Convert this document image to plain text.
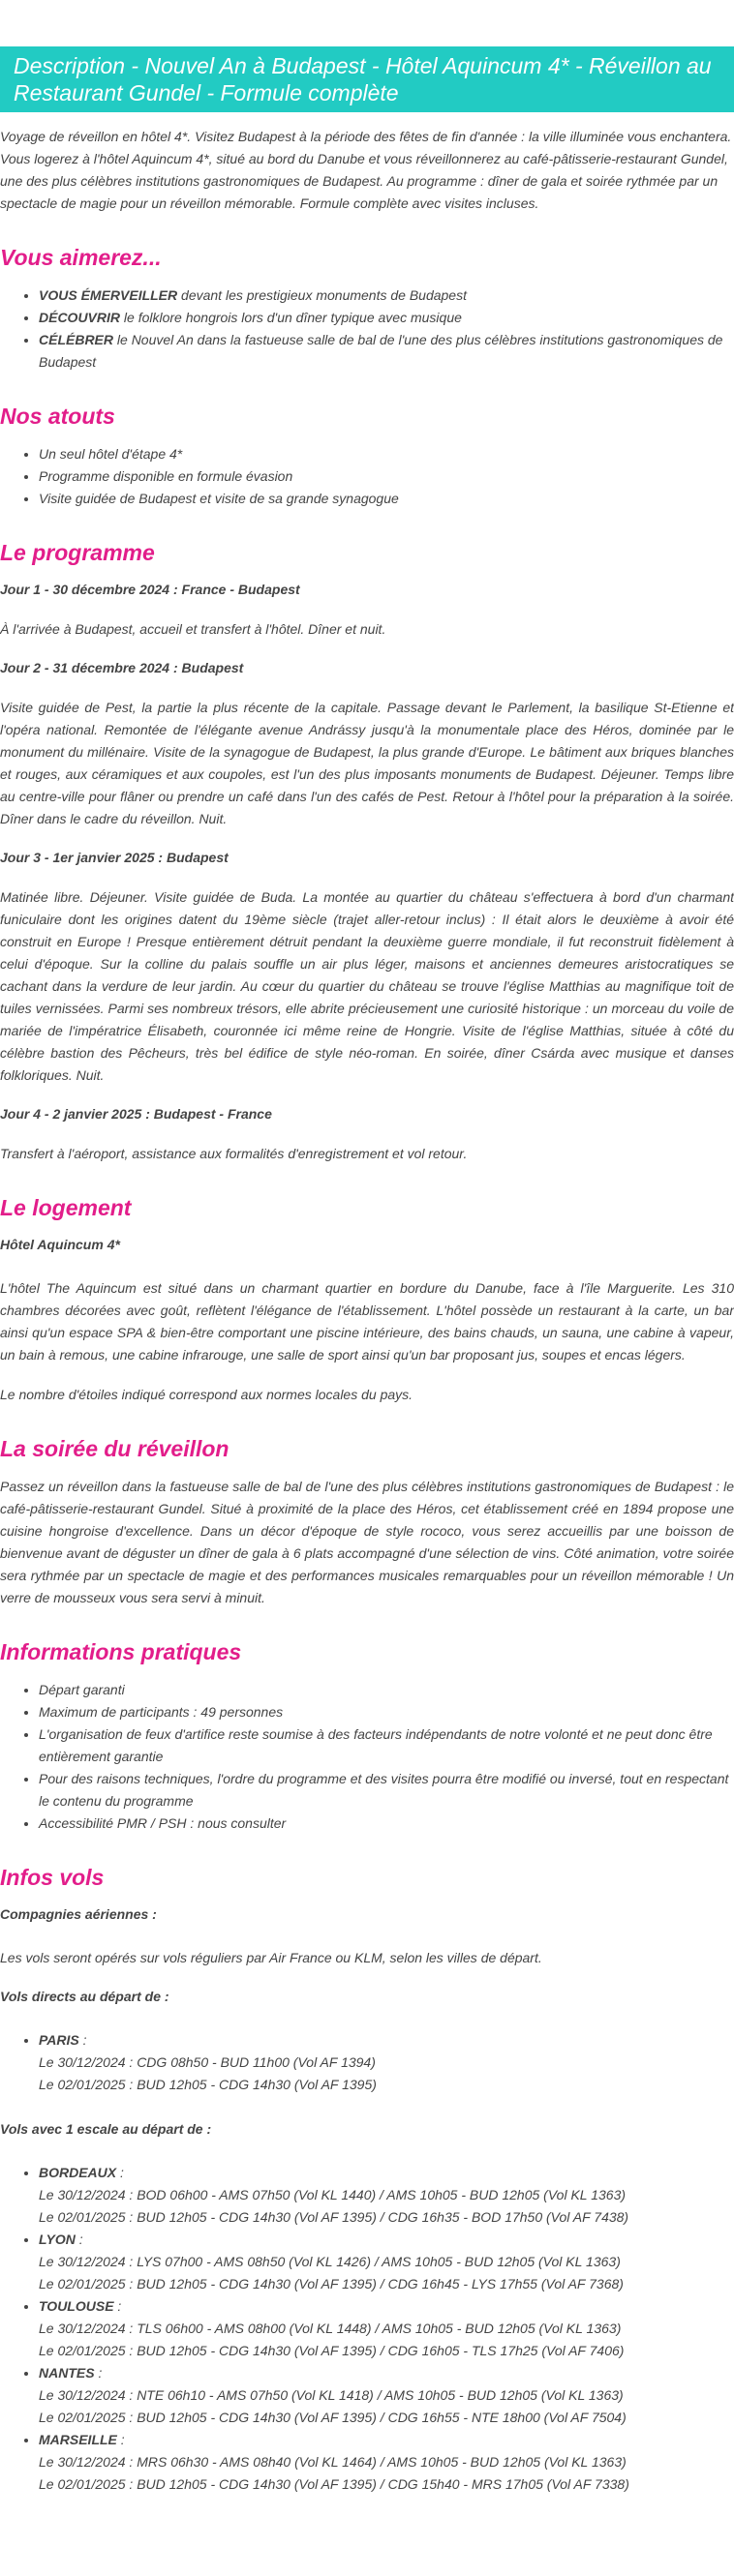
Description - Nouvel An à Budapest - Hôtel Aquincum 4* - Réveillon au Restaurant Gundel - Formule complète

Voyage de réveillon en hôtel 4*. Visitez Budapest à la période des fêtes de fin d'année : la ville illuminée vous enchantera. Vous logerez à l'hôtel Aquincum 4*, situé au bord du Danube et vous réveillonnerez au café-pâtisserie-restaurant Gundel, une des plus célèbres institutions gastronomiques de Budapest. Au programme : dîner de gala et soirée rythmée par un spectacle de magie pour un réveillon mémorable. Formule complète avec visites incluses.

Vous aimerez...
• VOUS ÉMERVEILLER devant les prestigieux monuments de Budapest
• DÉCOUVRIR le folklore hongrois lors d'un dîner typique avec musique
• CÉLÉBRER le Nouvel An dans la fastueuse salle de bal de l'une des plus célèbres institutions gastronomiques de Budapest
Nos atouts
• Un seul hôtel d'étape 4*
• Programme disponible en formule évasion
• Visite guidée de Budapest et visite de sa grande synagogue
Le programme
Jour 1 - 30 décembre 2024 : France - Budapest

À l'arrivée à Budapest, accueil et transfert à l'hôtel. Dîner et nuit.

Jour 2 - 31 décembre 2024 : Budapest

Visite guidée de Pest, la partie la plus récente de la capitale. Passage devant le Parlement, la basilique St-Etienne et l'opéra national. Remontée de l'élégante avenue Andrássy jusqu'à la monumentale place des Héros, dominée par le monument du millénaire. Visite de la synagogue de Budapest, la plus grande d'Europe. Le bâtiment aux briques blanches et rouges, aux céramiques et aux coupoles, est l'un des plus imposants monuments de Budapest. Déjeuner. Temps libre au centre-ville pour flâner ou prendre un café dans l'un des cafés de Pest. Retour à l'hôtel pour la préparation à la soirée. Dîner dans le cadre du réveillon. Nuit.

Jour 3 - 1er janvier 2025 : Budapest

Matinée libre. Déjeuner. Visite guidée de Buda. La montée au quartier du château s'effectuera à bord d'un charmant funiculaire dont les origines datent du 19ème siècle (trajet aller-retour inclus) : Il était alors le deuxième à avoir été construit en Europe ! Presque entièrement détruit pendant la deuxième guerre mondiale, il fut reconstruit fidèlement à celui d'époque. Sur la colline du palais souffle un air plus léger, maisons et anciennes demeures aristocratiques se cachant dans la verdure de leur jardin. Au cœur du quartier du château se trouve l'église Matthias au magnifique toit de tuiles vernissées. Parmi ses nombreux trésors, elle abrite précieusement une curiosité historique : un morceau du voile de mariée de l'impératrice Élisabeth, couronnée ici même reine de Hongrie. Visite de l'église Matthias, située à côté du célèbre bastion des Pêcheurs, très bel édifice de style néo-roman. En soirée, dîner Csárda avec musique et danses folkloriques. Nuit.

Jour 4 - 2 janvier 2025 : Budapest - France

Transfert à l'aéroport, assistance aux formalités d'enregistrement et vol retour.

Le logement
Hôtel Aquincum 4*

L'hôtel The Aquincum est situé dans un charmant quartier en bordure du Danube, face à l'île Marguerite. Les 310 chambres décorées avec goût, reflètent l'élégance de l'établissement. L'hôtel possède un restaurant à la carte, un bar ainsi qu'un espace SPA & bien-être comportant une piscine intérieure, des bains chauds, un sauna, une cabine à vapeur, un bain à remous, une cabine infrarouge, une salle de sport ainsi qu'un bar proposant jus, soupes et encas légers.

Le nombre d'étoiles indiqué correspond aux normes locales du pays.

La soirée du réveillon

Passez un réveillon dans la fastueuse salle de bal de l'une des plus célèbres institutions gastronomiques de Budapest : le café-pâtisserie-restaurant Gundel. Situé à proximité de la place des Héros, cet établissement créé en 1894 propose une cuisine hongroise d'excellence. Dans un décor d'époque de style rococo, vous serez accueillis par une boisson de bienvenue avant de déguster un dîner de gala à 6 plats accompagné d'une sélection de vins. Côté animation, votre soirée sera rythmée par un spectacle de magie et des performances musicales remarquables pour un réveillon mémorable ! Un verre de mousseux vous sera servi à minuit.

Informations pratiques
• Départ garanti
• Maximum de participants : 49 personnes
• L'organisation de feux d'artifice reste soumise à des facteurs indépendants de notre volonté et ne peut donc être entièrement garantie
• Pour des raisons techniques, l'ordre du programme et des visites pourra être modifié ou inversé, tout en respectant le contenu du programme
• Accessibilité PMR / PSH : nous consulter
Infos vols
Compagnies aériennes :

Les vols seront opérés sur vols réguliers par Air France ou KLM, selon les villes de départ.

Vols directs au départ de :
• PARIS :
Le 30/12/2024 : CDG 08h50 - BUD 11h00 (Vol AF 1394)
Le 02/01/2025 : BUD 12h05 - CDG 14h30 (Vol AF 1395)
Vols avec 1 escale au départ de :
• BORDEAUX :
Le 30/12/2024 : BOD 06h00 - AMS 07h50 (Vol KL 1440) / AMS 10h05 - BUD 12h05 (Vol KL 1363)
Le 02/01/2025 : BUD 12h05 - CDG 14h30 (Vol AF 1395) / CDG 16h35 - BOD 17h50 (Vol AF 7438)
• LYON :
Le 30/12/2024 : LYS 07h00 - AMS 08h50 (Vol KL 1426) / AMS 10h05 - BUD 12h05 (Vol KL 1363)
Le 02/01/2025 : BUD 12h05 - CDG 14h30 (Vol AF 1395) / CDG 16h45 - LYS 17h55 (Vol AF 7368)
• TOULOUSE :
Le 30/12/2024 : TLS 06h00 - AMS 08h00 (Vol KL 1448) / AMS 10h05 - BUD 12h05 (Vol KL 1363)
Le 02/01/2025 : BUD 12h05 - CDG 14h30 (Vol AF 1395) / CDG 16h05 - TLS 17h25 (Vol AF 7406)
• NANTES :
Le 30/12/2024 : NTE 06h10 - AMS 07h50 (Vol KL 1418) / AMS 10h05 - BUD 12h05 (Vol KL 1363)
Le 02/01/2025 : BUD 12h05 - CDG 14h30 (Vol AF 1395) / CDG 16h55 - NTE 18h00 (Vol AF 7504)
• MARSEILLE :
Le 30/12/2024 : MRS 06h30 - AMS 08h40 (Vol KL 1464) / AMS 10h05 - BUD 12h05 (Vol KL 1363)
Le 02/01/2025 : BUD 12h05 - CDG 14h30 (Vol AF 1395) / CDG 15h40 - MRS 17h05 (Vol AF 7338)
